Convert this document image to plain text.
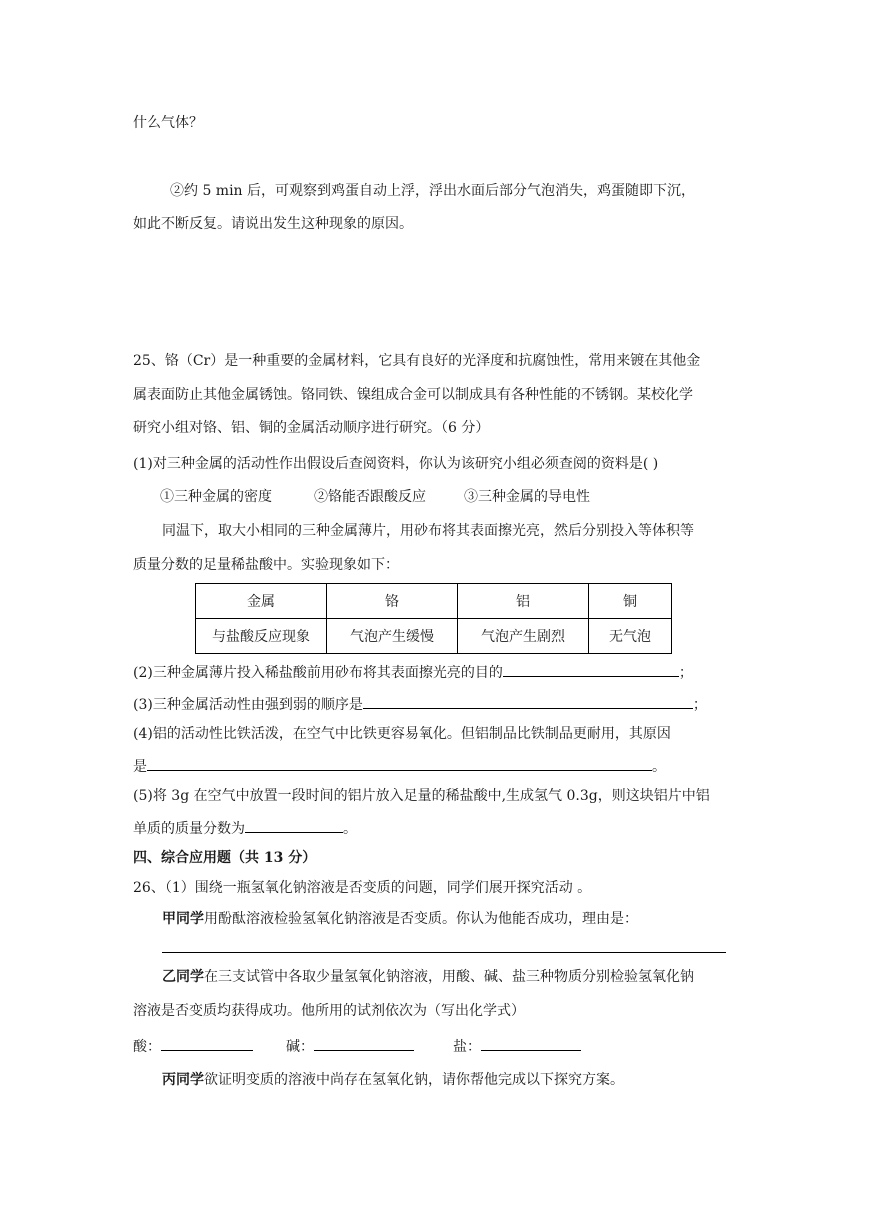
什么气体？
②约 5 min 后，可观察到鸡蛋自动上浮，浮出水面后部分气泡消失，鸡蛋随即下沉，
如此不断反复。请说出发生这种现象的原因。
25、铬（Cr）是一种重要的金属材料，它具有良好的光泽度和抗腐蚀性，常用来镀在其他金
属表面防止其他金属锈蚀。铬同铁、镍组成合金可以制成具有各种性能的不锈钢。某校化学
研究小组对铬、铝、铜的金属活动顺序进行研究。（6 分）
(1)对三种金属的活动性作出假设后查阅资料，你认为该研究小组必须查阅的资料是( )
①三种金属的密度	②铬能否跟酸反应	③三种金属的导电性
同温下，取大小相同的三种金属薄片，用砂布将其表面擦光亮，然后分别投入等体积等
质量分数的足量稀盐酸中。实验现象如下：
金属	铬	铝	铜
与盐酸反应现象	气泡产生缓慢	气泡产生剧烈	无气泡
(2)三种金属薄片投入稀盐酸前用砂布将其表面擦光亮的目的	；
(3)三种金属活动性由强到弱的顺序是	；
(4)铝的活动性比铁活泼，在空气中比铁更容易氧化。但铝制品比铁制品更耐用，其原因
是	。
(5)将 3g 在空气中放置一段时间的铝片放入足量的稀盐酸中,生成氢气 0.3g，则这块铝片中铝
单质的质量分数为	。
四、综合应用题（共 13 分）
26、（1）围绕一瓶氢氧化钠溶液是否变质的问题，同学们展开探究活动 。
甲同学用酚酞溶液检验氢氧化钠溶液是否变质。你认为他能否成功，理由是：
乙同学在三支试管中各取少量氢氧化钠溶液，用酸、碱、盐三种物质分别检验氢氧化钠
溶液是否变质均获得成功。他所用的试剂依次为（写出化学式）
酸：	碱：	盐：
丙同学欲证明变质的溶液中尚存在氢氧化钠，请你帮他完成以下探究方案。
